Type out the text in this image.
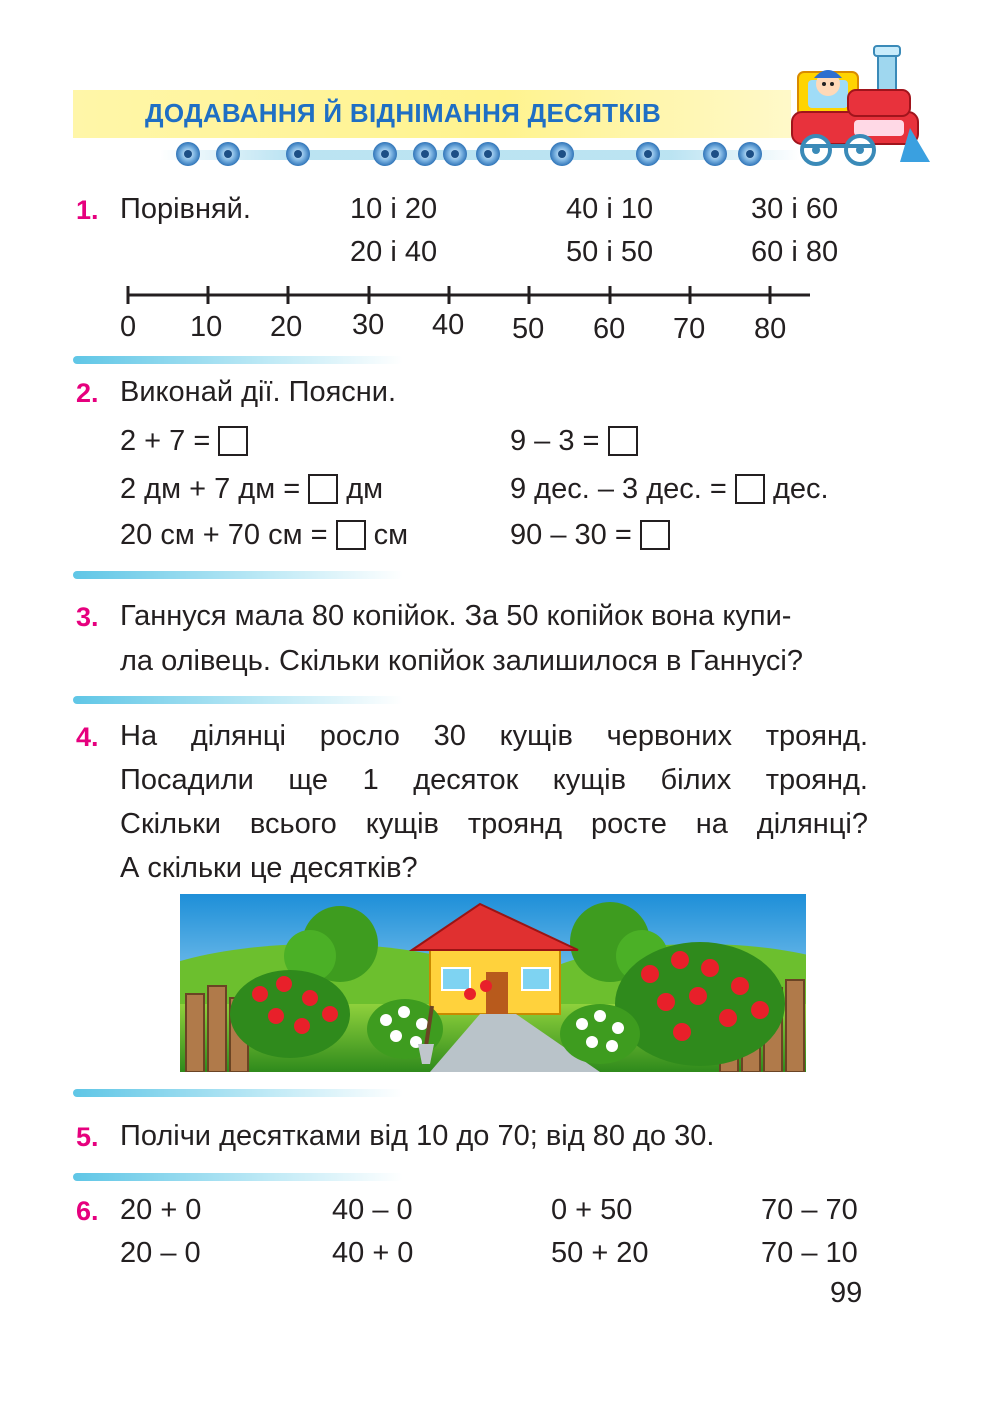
ДОДАВАННЯ Й ВІДНІМАННЯ ДЕСЯТКІВ
1. Порівняй.	10 і 20
20 і 40
40 і 10
50 і 50
30 і 60
60 і 80
0 10 20 30 40 50 60 70 80
2. Виконай дії. Поясни.
2 + 7 =
2 дм + 7 дм = дм
20 см + 70 см = см
9 – 3 =
9 дес. – 3 дес. = дес.
90 – 30 =
3. Ганнуся мала 80 копійок. За 50 копійок вона купи-
ла олівець. Скільки копійок залишилося в Ганнусі?
4. На ділянці росло 30 кущів червоних троянд.
Посадили ще 1 десяток кущів білих троянд.
Скільки всього кущів троянд росте на ділянці?
А скільки це десятків?
5. Полічи десятками від 10 до 70; від 80 до 30.
6. 20 + 0
20 – 0
40 – 0
40 + 0
0 + 50
50 + 20
70 – 70
70 – 10
99
